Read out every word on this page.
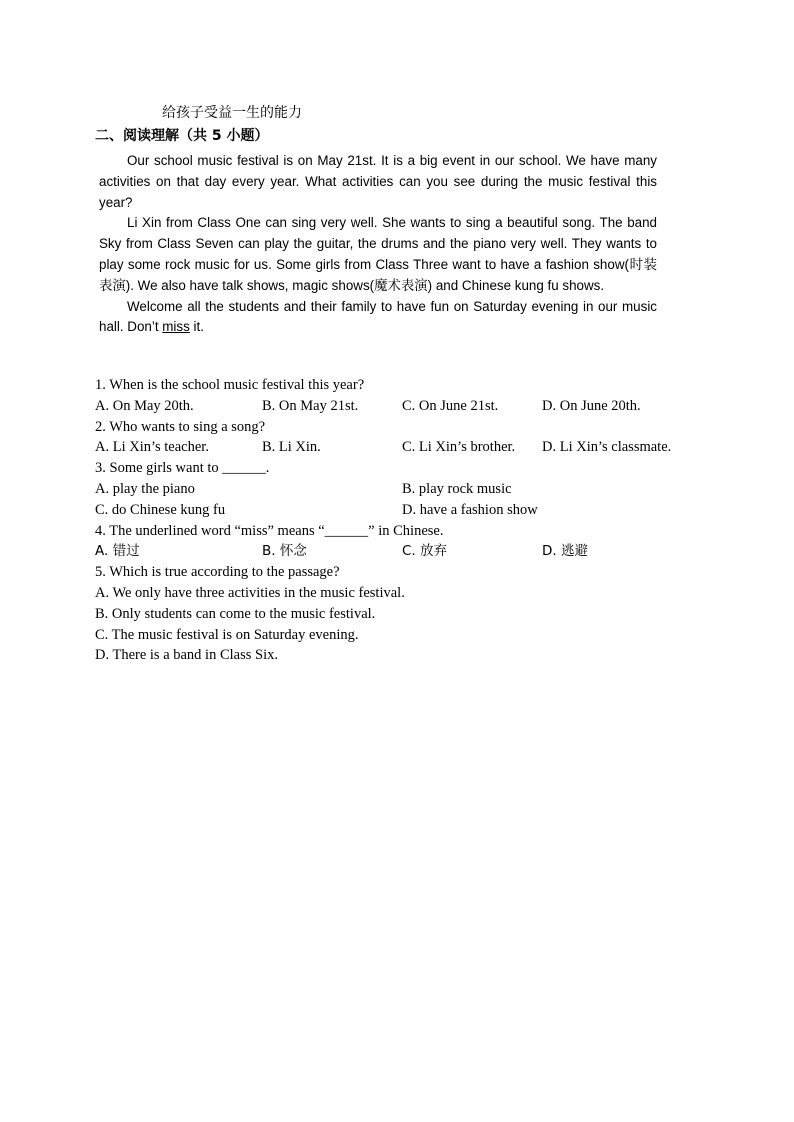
给孩子受益一生的能力
二、阅读理解（共 5 小题）

Our school music festival is on May 21st. It is a big event in our school. We have many activities on that day every year. What activities can you see during the music festival this year?

Li Xin from Class One can sing very well. She wants to sing a beautiful song. The band Sky from Class Seven can play the guitar, the drums and the piano very well. They wants to play some rock music for us. Some girls from Class Three want to have a fashion show(时装表演). We also have talk shows, magic shows(魔术表演) and Chinese kung fu shows.

Welcome all the students and their family to have fun on Saturday evening in our music hall. Don’t miss it.

1. When is the school music festival this year?
A. On May 20th.	B. On May 21st.	C. On June 21st.	D. On June 20th.
2. Who wants to sing a song?
A. Li Xin’s teacher.	B. Li Xin.	C. Li Xin’s brother. D. Li Xin’s classmate.
3. Some girls want to ______.
A. play the piano	B. play rock music
C. do Chinese kung fu	D. have a fashion show
4. The underlined word “miss” means “______” in Chinese.
A. 错过	B. 怀念	C. 放弃	D. 逃避
5. Which is true according to the passage?
A. We only have three activities in the music festival.
B. Only students can come to the music festival.
C. The music festival is on Saturday evening.
D. There is a band in Class Six.
